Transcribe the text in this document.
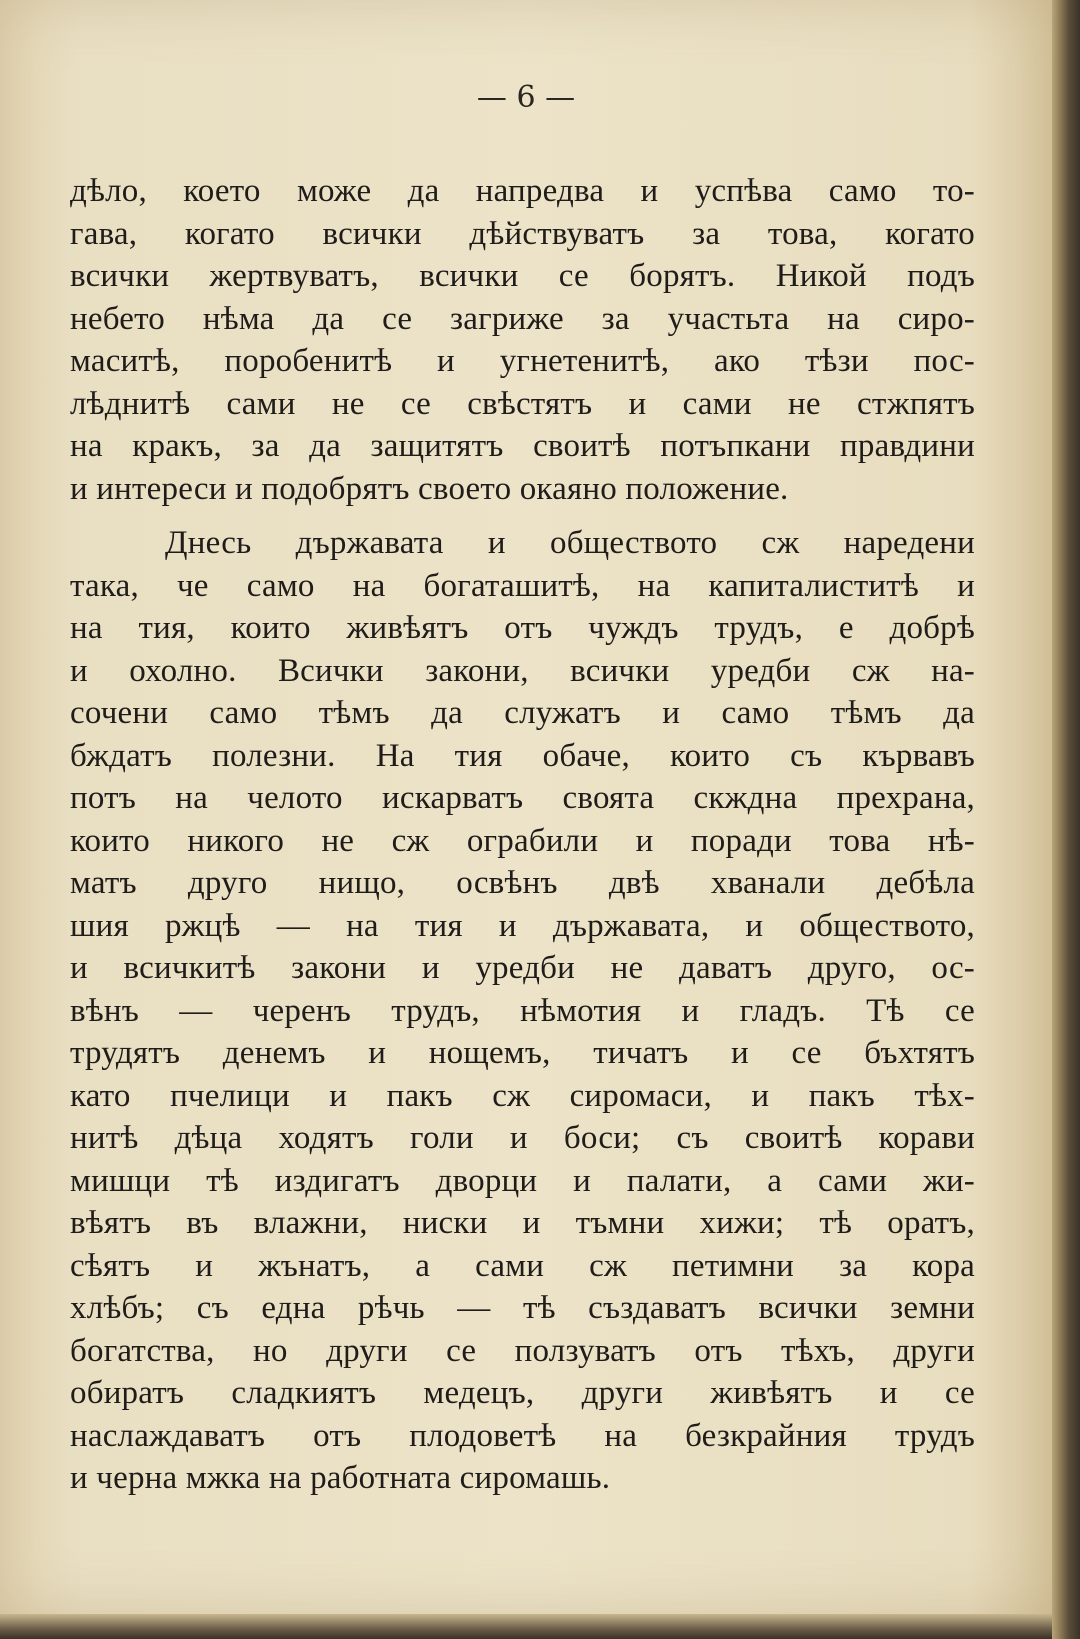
— 6 —
дѣло, което може да напредва и успѣва само то-
гава, когато всички дѣйствуватъ за това, когато
всички жертвуватъ, всички се борятъ. Никой подъ
небето нѣма да се загриже за участьта на сиро-
маситѣ, поробенитѣ и угнетенитѣ, ако тѣзи пос-
лѣднитѣ сами не се свѣстятъ и сами не стжпятъ
на кракъ, за да защитятъ своитѣ потъпкани правдини
и интереси и подобрятъ своето окаяно положение.
Днесь държавата и обществото сж наредени
така, че само на богаташитѣ, на капиталиститѣ и
на тия, които живѣятъ отъ чуждъ трудъ, е добрѣ
и охолно. Всички закони, всички уредби сж на-
сочени само тѣмъ да служатъ и само тѣмъ да
бждатъ полезни. На тия обаче, които съ кървавъ
потъ на челото искарватъ своята скждна прехрана,
които никого не сж ограбили и поради това нѣ-
матъ друго нищо, освѣнъ двѣ хванали дебѣла
шия ржцѣ — на тия и държавата, и обществото,
и всичкитѣ закони и уредби не даватъ друго, ос-
вѣнъ — черенъ трудъ, нѣмотия и гладъ. Тѣ се
трудятъ денемъ и нощемъ, тичатъ и се бъхтятъ
като пчелици и пакъ сж сиромаси, и пакъ тѣх-
нитѣ дѣца ходятъ голи и боси; съ своитѣ корави
мишци тѣ издигатъ дворци и палати, а сами жи-
вѣятъ въ влажни, ниски и тъмни хижи; тѣ оратъ,
сѣятъ и жънатъ, а сами сж петимни за кора
хлѣбъ; съ една рѣчь — тѣ създаватъ всички земни
богатства, но други се ползуватъ отъ тѣхъ, други
обиратъ сладкиятъ медецъ, други живѣятъ и се
наслаждаватъ отъ плодоветѣ на безкрайния трудъ
и черна мжка на работната сиромашь.
